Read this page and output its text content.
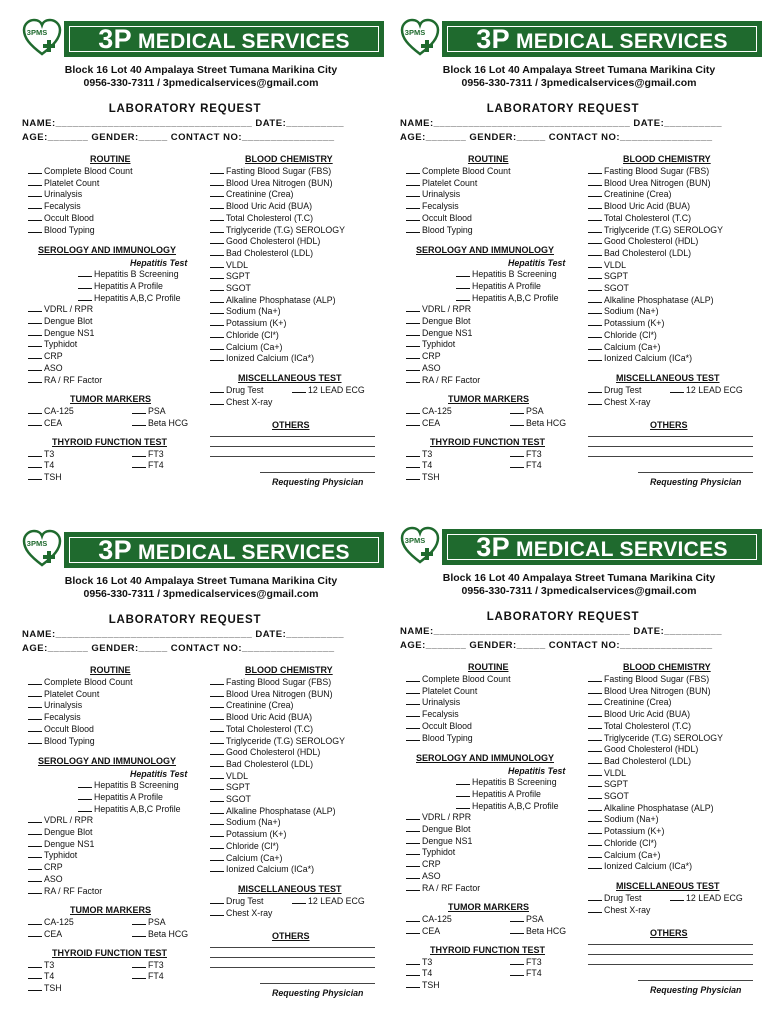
3PMS 3P MEDICAL SERVICES
Block 16 Lot 40 Ampalaya Street Tumana Marikina City
0956-330-7311 / 3pmedicalservices@gmail.com
LABORATORY REQUEST
NAME:__________________________________ DATE:__________
AGE:_______ GENDER:_____ CONTACT NO:________________
ROUTINE
Complete Blood Count
Platelet Count
Urinalysis
Fecalysis
Occult Blood
Blood Typing
SEROLOGY AND IMMUNOLOGY
Hepatitis Test
Hepatitis B Screening
Hepatitis A Profile
Hepatitis A,B,C Profile
VDRL / RPR
Dengue Blot
Dengue NS1
Typhidot
CRP
ASO
RA / RF Factor
TUMOR MARKERS
CA-125	PSA
CEA	Beta HCG
THYROID FUNCTION TEST
T3	FT3
T4	FT4
TSH
BLOOD CHEMISTRY
Fasting Blood Sugar (FBS)
Blood Urea Nitrogen (BUN)
Creatinine (Crea)
Blood Uric Acid (BUA)
Total Cholesterol (T.C)
Triglyceride (T.G) SEROLOGY
Good Cholesterol (HDL)
Bad Cholesterol (LDL)
VLDL
SGPT
SGOT
Alkaline Phosphatase (ALP)
Sodium (Na+)
Potassium (K+)
Chloride (Cl*)
Calcium (Ca+)
Ionized Calcium (ICa*)
MISCELLANEOUS TEST
Drug Test	12 LEAD ECG
Chest X-ray
OTHERS
Requesting Physician
3PMS 3P MEDICAL SERVICES
Block 16 Lot 40 Ampalaya Street Tumana Marikina City
0956-330-7311 / 3pmedicalservices@gmail.com
LABORATORY REQUEST
NAME:__________________________________ DATE:__________
AGE:_______ GENDER:_____ CONTACT NO:________________
ROUTINE
Complete Blood Count
Platelet Count
Urinalysis
Fecalysis
Occult Blood
Blood Typing
SEROLOGY AND IMMUNOLOGY
Hepatitis Test
Hepatitis B Screening
Hepatitis A Profile
Hepatitis A,B,C Profile
VDRL / RPR
Dengue Blot
Dengue NS1
Typhidot
CRP
ASO
RA / RF Factor
TUMOR MARKERS
CA-125	PSA
CEA	Beta HCG
THYROID FUNCTION TEST
T3	FT3
T4	FT4
TSH
BLOOD CHEMISTRY
Fasting Blood Sugar (FBS)
Blood Urea Nitrogen (BUN)
Creatinine (Crea)
Blood Uric Acid (BUA)
Total Cholesterol (T.C)
Triglyceride (T.G) SEROLOGY
Good Cholesterol (HDL)
Bad Cholesterol (LDL)
VLDL
SGPT
SGOT
Alkaline Phosphatase (ALP)
Sodium (Na+)
Potassium (K+)
Chloride (Cl*)
Calcium (Ca+)
Ionized Calcium (ICa*)
MISCELLANEOUS TEST
Drug Test	12 LEAD ECG
Chest X-ray
OTHERS
Requesting Physician
3PMS 3P MEDICAL SERVICES
Block 16 Lot 40 Ampalaya Street Tumana Marikina City
0956-330-7311 / 3pmedicalservices@gmail.com
LABORATORY REQUEST
NAME:__________________________________ DATE:__________
AGE:_______ GENDER:_____ CONTACT NO:________________
ROUTINE
Complete Blood Count
Platelet Count
Urinalysis
Fecalysis
Occult Blood
Blood Typing
SEROLOGY AND IMMUNOLOGY
Hepatitis Test
Hepatitis B Screening
Hepatitis A Profile
Hepatitis A,B,C Profile
VDRL / RPR
Dengue Blot
Dengue NS1
Typhidot
CRP
ASO
RA / RF Factor
TUMOR MARKERS
CA-125	PSA
CEA	Beta HCG
THYROID FUNCTION TEST
T3	FT3
T4	FT4
TSH
BLOOD CHEMISTRY
Fasting Blood Sugar (FBS)
Blood Urea Nitrogen (BUN)
Creatinine (Crea)
Blood Uric Acid (BUA)
Total Cholesterol (T.C)
Triglyceride (T.G) SEROLOGY
Good Cholesterol (HDL)
Bad Cholesterol (LDL)
VLDL
SGPT
SGOT
Alkaline Phosphatase (ALP)
Sodium (Na+)
Potassium (K+)
Chloride (Cl*)
Calcium (Ca+)
Ionized Calcium (ICa*)
MISCELLANEOUS TEST
Drug Test	12 LEAD ECG
Chest X-ray
OTHERS
Requesting Physician
3PMS 3P MEDICAL SERVICES
Block 16 Lot 40 Ampalaya Street Tumana Marikina City
0956-330-7311 / 3pmedicalservices@gmail.com
LABORATORY REQUEST
NAME:__________________________________ DATE:__________
AGE:_______ GENDER:_____ CONTACT NO:________________
ROUTINE
Complete Blood Count
Platelet Count
Urinalysis
Fecalysis
Occult Blood
Blood Typing
SEROLOGY AND IMMUNOLOGY
Hepatitis Test
Hepatitis B Screening
Hepatitis A Profile
Hepatitis A,B,C Profile
VDRL / RPR
Dengue Blot
Dengue NS1
Typhidot
CRP
ASO
RA / RF Factor
TUMOR MARKERS
CA-125	PSA
CEA	Beta HCG
THYROID FUNCTION TEST
T3	FT3
T4	FT4
TSH
BLOOD CHEMISTRY
Fasting Blood Sugar (FBS)
Blood Urea Nitrogen (BUN)
Creatinine (Crea)
Blood Uric Acid (BUA)
Total Cholesterol (T.C)
Triglyceride (T.G) SEROLOGY
Good Cholesterol (HDL)
Bad Cholesterol (LDL)
VLDL
SGPT
SGOT
Alkaline Phosphatase (ALP)
Sodium (Na+)
Potassium (K+)
Chloride (Cl*)
Calcium (Ca+)
Ionized Calcium (ICa*)
MISCELLANEOUS TEST
Drug Test	12 LEAD ECG
Chest X-ray
OTHERS
Requesting Physician
